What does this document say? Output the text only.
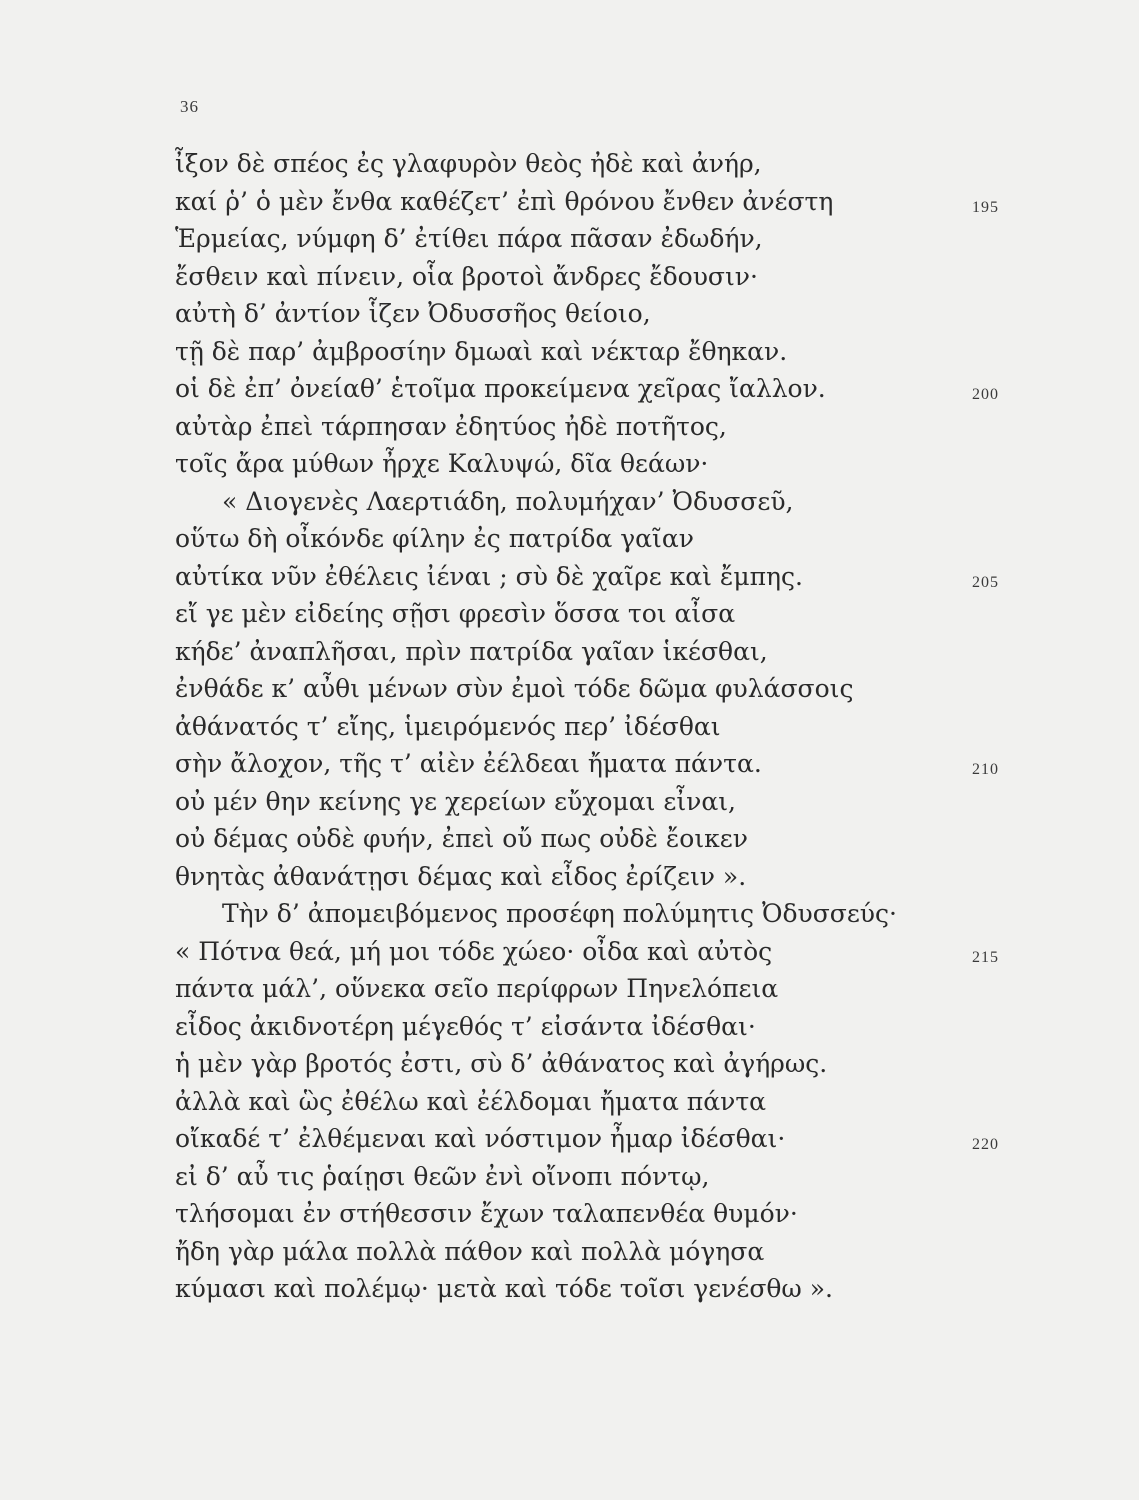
36
ἶξον δὲ σπέος ἐς γλαφυρὸν θεὸς ἠδὲ καὶ ἀνήρ,
καί ῥ’ ὁ μὲν ἔνθα καθέζετ’ ἐπὶ θρόνου ἔνθεν ἀνέστη	195
Ἑρμείας, νύμφη δ’ ἐτίθει πάρα πᾶσαν ἐδωδήν,
ἔσθειν καὶ πίνειν, οἷα βροτοὶ ἄνδρες ἔδουσιν·
αὐτὴ δ’ ἀντίον ἷζεν Ὀδυσσῆος θείοιο,
τῇ δὲ παρ’ ἀμβροσίην δμωαὶ καὶ νέκταρ ἔθηκαν.
οἱ δὲ ἐπ’ ὀνείαθ’ ἑτοῖμα προκείμενα χεῖρας ἴαλλον.	200
αὐτὰρ ἐπεὶ τάρπησαν ἐδητύος ἠδὲ ποτῆτος,
τοῖς ἄρα μύθων ἦρχε Καλυψώ, δῖα θεάων·
« Διογενὲς Λαερτιάδη, πολυμήχαν’ Ὀδυσσεῦ,
οὕτω δὴ οἶκόνδε φίλην ἐς πατρίδα γαῖαν
αὐτίκα νῦν ἐθέλεις ἰέναι ; σὺ δὲ χαῖρε καὶ ἔμπης.	205
εἴ γε μὲν εἰδείης σῇσι φρεσὶν ὅσσα τοι αἶσα
κήδε’ ἀναπλῆσαι, πρὶν πατρίδα γαῖαν ἱκέσθαι,
ἐνθάδε κ’ αὖθι μένων σὺν ἐμοὶ τόδε δῶμα φυλάσσοις
ἀθάνατός τ’ εἴης, ἱμειρόμενός περ’ ἰδέσθαι
σὴν ἄλοχον, τῆς τ’ αἰὲν ἐέλδεαι ἤματα πάντα.	210
οὐ μέν θην κείνης γε χερείων εὔχομαι εἶναι,
οὐ δέμας οὐδὲ φυήν, ἐπεὶ οὔ πως οὐδὲ ἔοικεν
θνητὰς ἀθανάτῃσι δέμας καὶ εἶδος ἐρίζειν ».
Τὴν δ’ ἀπομειβόμενος προσέφη πολύμητις Ὀδυσσεύς·
« Πότνα θεά, μή μοι τόδε χώεο· οἶδα καὶ αὐτὸς	215
πάντα μάλ’, οὕνεκα σεῖο περίφρων Πηνελόπεια
εἶδος ἀκιδνοτέρη μέγεθός τ’ εἰσάντα ἰδέσθαι·
ἡ μὲν γὰρ βροτός ἐστι, σὺ δ’ ἀθάνατος καὶ ἀγήρως.
ἀλλὰ καὶ ὣς ἐθέλω καὶ ἐέλδομαι ἤματα πάντα
οἴκαδέ τ’ ἐλθέμεναι καὶ νόστιμον ἦμαρ ἰδέσθαι·	220
εἰ δ’ αὖ τις ῥαίῃσι θεῶν ἐνὶ οἴνοπι πόντῳ,
τλήσομαι ἐν στήθεσσιν ἔχων ταλαπενθέα θυμόν·
ἤδη γὰρ μάλα πολλὰ πάθον καὶ πολλὰ μόγησα
κύμασι καὶ πολέμῳ· μετὰ καὶ τόδε τοῖσι γενέσθω ».
